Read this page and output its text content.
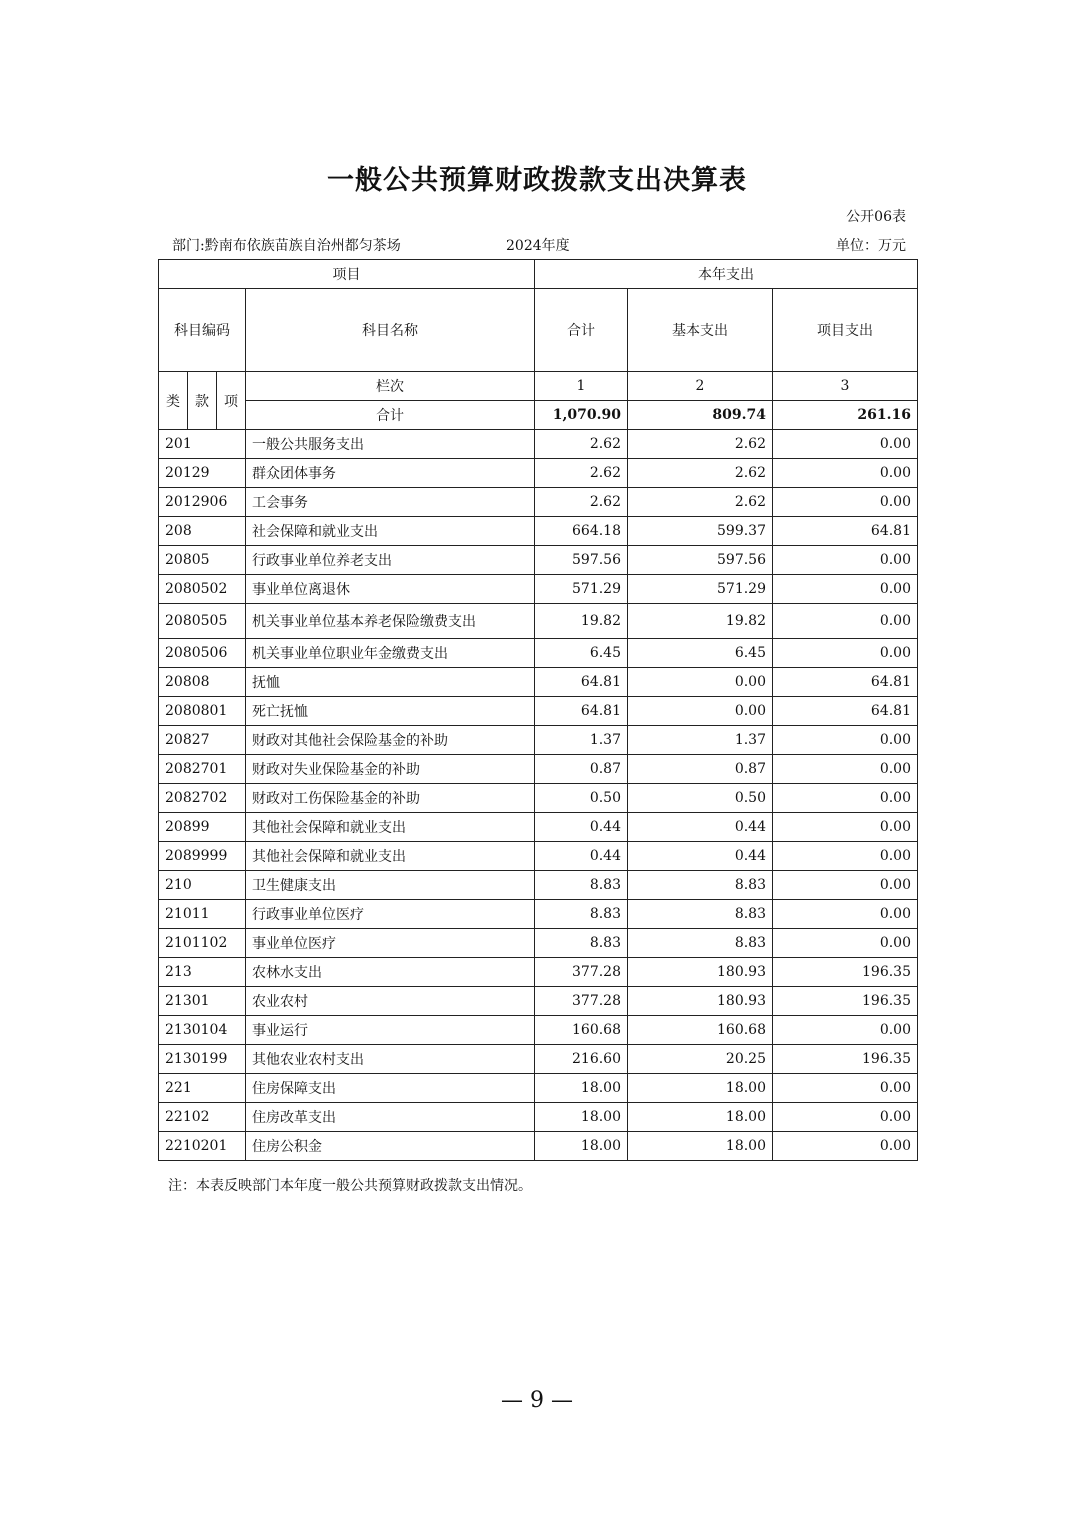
一般公共预算财政拨款支出决算表
公开06表
部门:黔南布依族苗族自治州都匀茶场	2024年度	单位：万元
项目				本年支出		
科目编码			科目名称	合计	基本支出	项目支出
类	款	项	栏次	1	2	3
			合计	1,070.90	809.74	261.16
201			一般公共服务支出	2.62	2.62	0.00
20129			群众团体事务	2.62	2.62	0.00
2012906			工会事务	2.62	2.62	0.00
208			社会保障和就业支出	664.18	599.37	64.81
20805			行政事业单位养老支出	597.56	597.56	0.00
2080502			事业单位离退休	571.29	571.29	0.00
2080505			机关事业单位基本养老保险缴费支出	19.82	19.82	0.00
2080506			机关事业单位职业年金缴费支出	6.45	6.45	0.00
20808			抚恤	64.81	0.00	64.81
2080801			死亡抚恤	64.81	0.00	64.81
20827			财政对其他社会保险基金的补助	1.37	1.37	0.00
2082701			财政对失业保险基金的补助	0.87	0.87	0.00
2082702			财政对工伤保险基金的补助	0.50	0.50	0.00
20899			其他社会保障和就业支出	0.44	0.44	0.00
2089999			其他社会保障和就业支出	0.44	0.44	0.00
210			卫生健康支出	8.83	8.83	0.00
21011			行政事业单位医疗	8.83	8.83	0.00
2101102			事业单位医疗	8.83	8.83	0.00
213			农林水支出	377.28	180.93	196.35
21301			农业农村	377.28	180.93	196.35
2130104			事业运行	160.68	160.68	0.00
2130199			其他农业农村支出	216.60	20.25	196.35
221			住房保障支出	18.00	18.00	0.00
22102			住房改革支出	18.00	18.00	0.00
2210201			住房公积金	18.00	18.00	0.00
注：本表反映部门本年度一般公共预算财政拨款支出情况。
— 9 —
